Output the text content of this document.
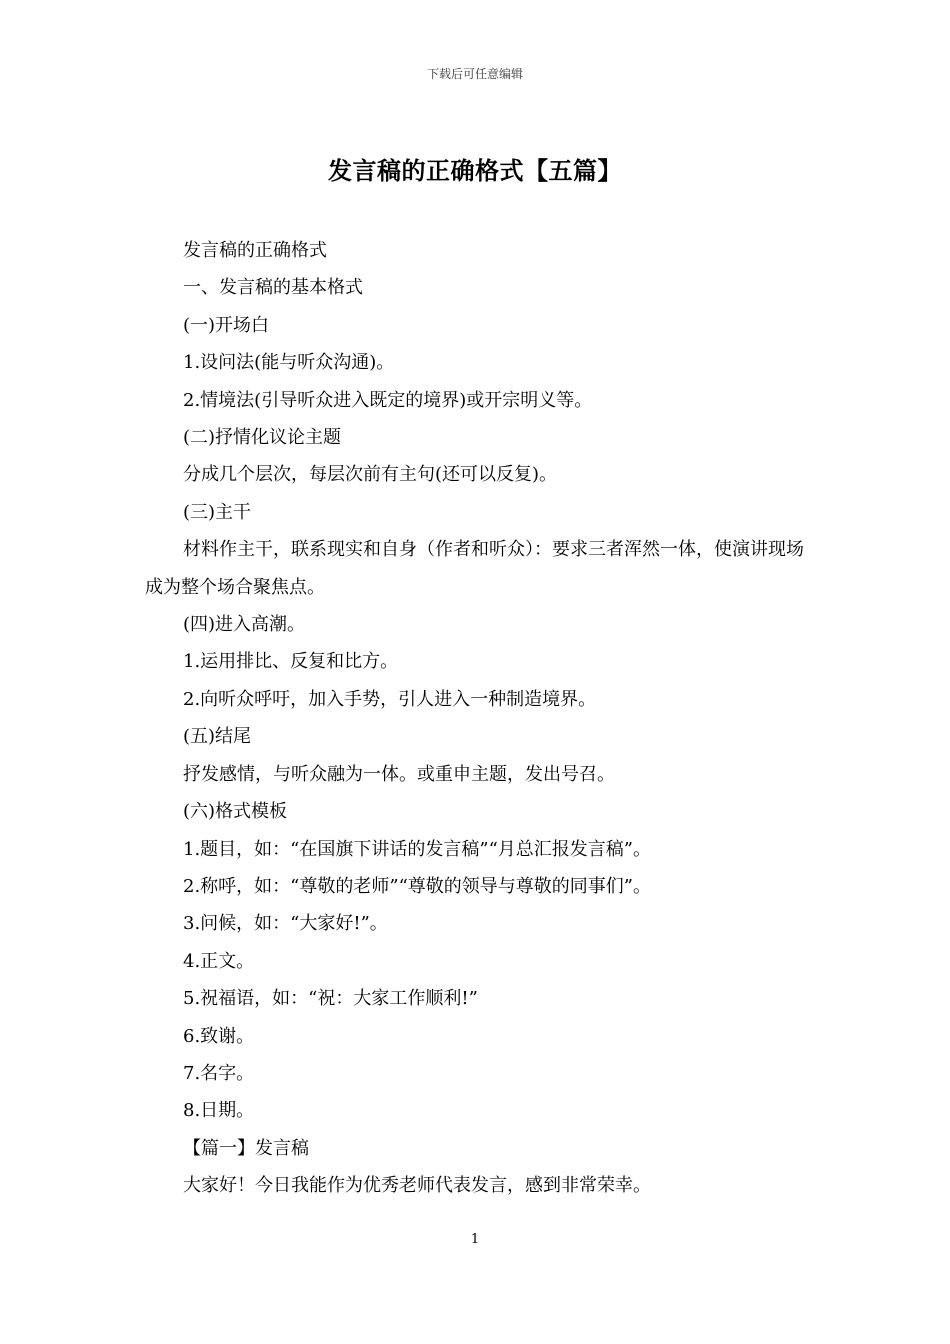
下载后可任意编辑
发言稿的正确格式【五篇】

发言稿的正确格式

一、发言稿的基本格式

(一)开场白

1.设问法(能与听众沟通)。

2.情境法(引导听众进入既定的境界)或开宗明义等。

(二)抒情化议论主题

分成几个层次，每层次前有主句(还可以反复)。

(三)主干

材料作主干，联系现实和自身（作者和听众）：要求三者浑然一体，使演讲现场成为整个场合聚焦点。

(四)进入高潮。

1.运用排比、反复和比方。

2.向听众呼吁，加入手势，引人进入一种制造境界。

(五)结尾

抒发感情，与听众融为一体。或重申主题，发出号召。

(六)格式模板

1.题目，如：“在国旗下讲话的发言稿”“月总汇报发言稿”。

2.称呼，如：“尊敬的老师”“尊敬的领导与尊敬的同事们”。

3.问候，如：“大家好!”。

4.正文。

5.祝福语，如：“祝：大家工作顺利!”

6.致谢。

7.名字。

8.日期。

【篇一】发言稿

大家好！今日我能作为优秀老师代表发言，感到非常荣幸。

1
